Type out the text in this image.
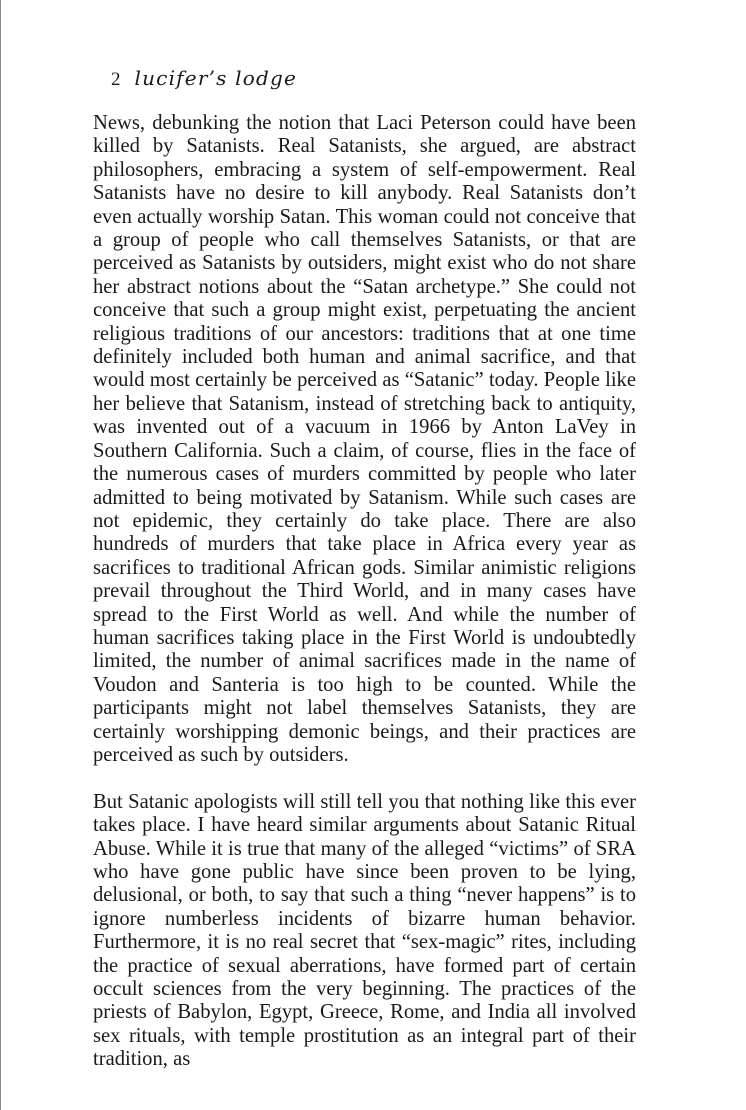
2 lucifer’s lodge

News, debunking the notion that Laci Peterson could have been killed by Satanists. Real Satanists, she argued, are abstract philosophers, embracing a system of self-empowerment. Real Satanists have no desire to kill anybody. Real Satanists don’t even actually worship Satan. This woman could not conceive that a group of people who call themselves Satanists, or that are perceived as Satanists by outsiders, might exist who do not share her abstract notions about the “Satan archetype.” She could not conceive that such a group might exist, perpetuating the ancient religious traditions of our ancestors: traditions that at one time definitely included both human and animal sacrifice, and that would most certainly be perceived as “Satanic” today. People like her believe that Satanism, instead of stretching back to antiquity, was invented out of a vacuum in 1966 by Anton LaVey in Southern California. Such a claim, of course, flies in the face of the numerous cases of murders committed by people who later admitted to being motivated by Satanism. While such cases are not epidemic, they certainly do take place. There are also hundreds of murders that take place in Africa every year as sacrifices to traditional African gods. Similar animistic religions prevail throughout the Third World, and in many cases have spread to the First World as well. And while the number of human sacrifices taking place in the First World is undoubtedly limited, the number of animal sacrifices made in the name of Voudon and Santeria is too high to be counted. While the participants might not label themselves Satanists, they are certainly worshipping demonic beings, and their practices are perceived as such by outsiders.

But Satanic apologists will still tell you that nothing like this ever takes place. I have heard similar arguments about Satanic Ritual Abuse. While it is true that many of the alleged “victims” of SRA who have gone public have since been proven to be lying, delusional, or both, to say that such a thing “never happens” is to ignore numberless incidents of bizarre human behavior. Furthermore, it is no real secret that “sex-magic” rites, including the practice of sexual aberrations, have formed part of certain occult sciences from the very beginning. The practices of the priests of Babylon, Egypt, Greece, Rome, and India all involved sex rituals, with temple prostitution as an integral part of their tradition, as
